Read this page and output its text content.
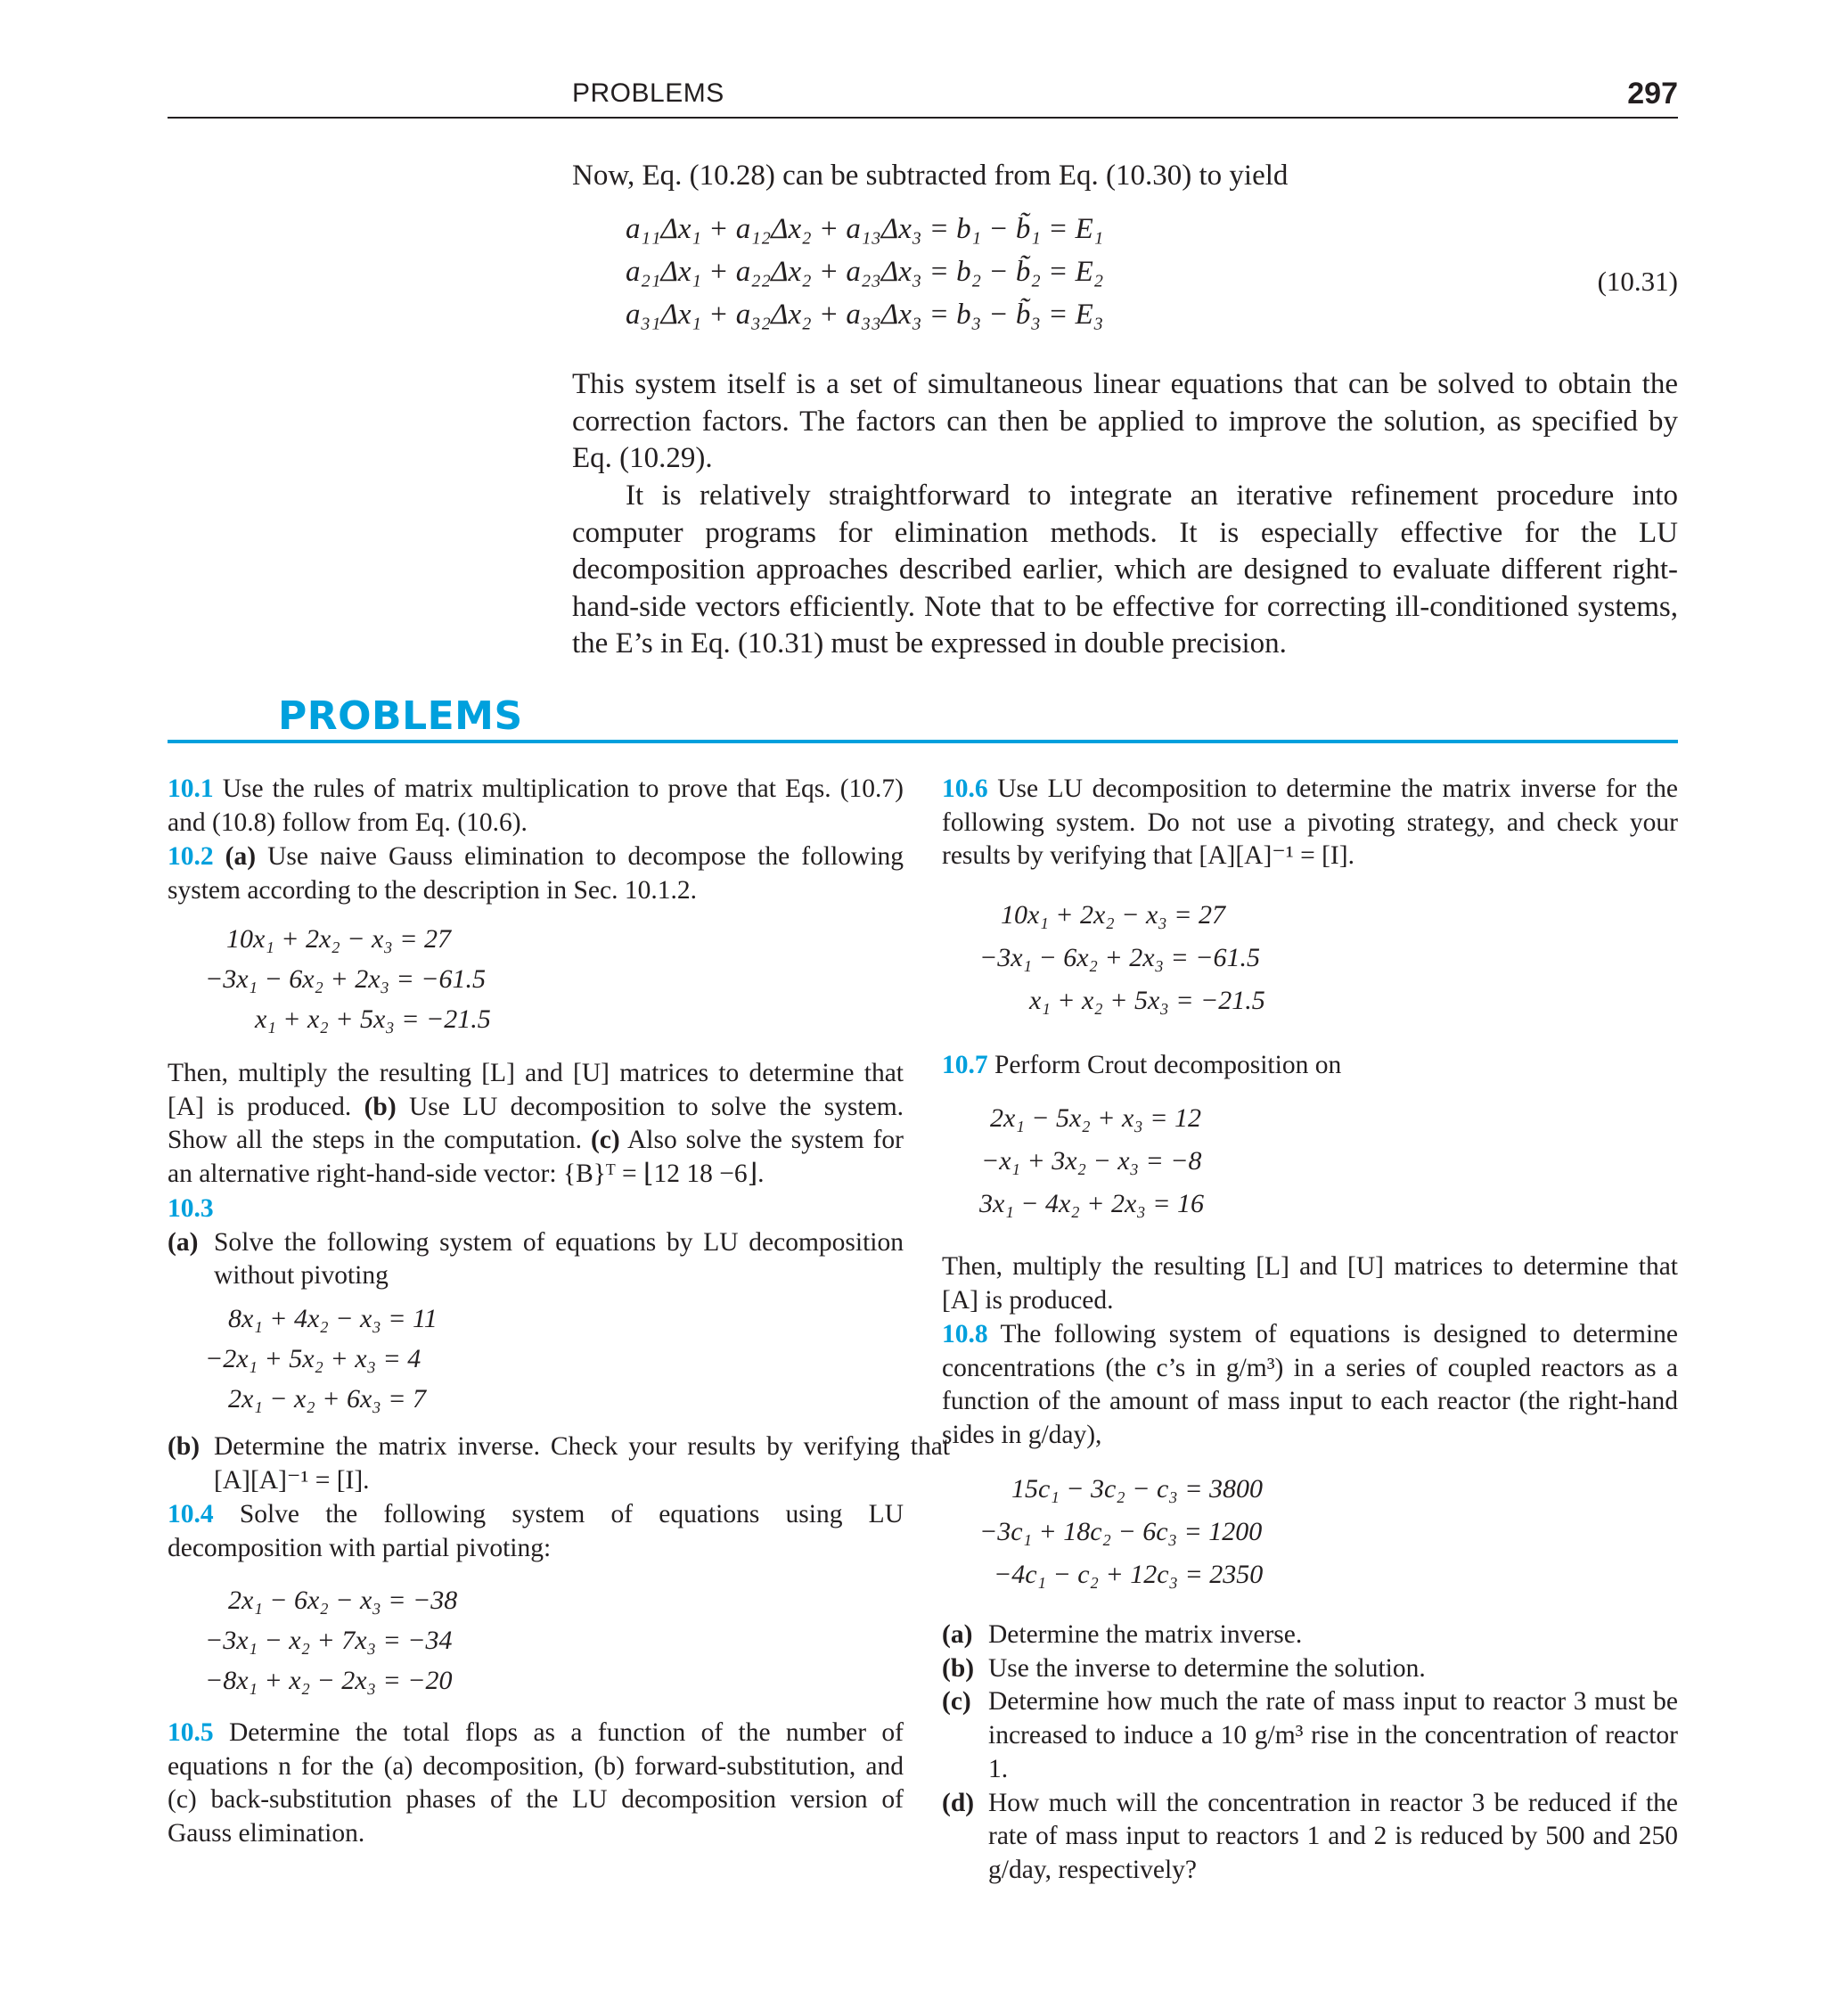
PROBLEMS	297
Now, Eq. (10.28) can be subtracted from Eq. (10.30) to yield
a₁₁Δx₁ + a₁₂Δx₂ + a₁₃Δx₃ = b₁ − b̃₁ = E₁
a₂₁Δx₁ + a₂₂Δx₂ + a₂₃Δx₃ = b₂ − b̃₂ = E₂
a₃₁Δx₁ + a₃₂Δx₂ + a₃₃Δx₃ = b₃ − b̃₃ = E₃
(10.31)
This system itself is a set of simultaneous linear equations that can be solved to obtain the correction factors. The factors can then be applied to improve the solution, as specified by Eq. (10.29).
It is relatively straightforward to integrate an iterative refinement procedure into computer programs for elimination methods. It is especially effective for the LU decomposition approaches described earlier, which are designed to evaluate different right-hand-side vectors efficiently. Note that to be effective for correcting ill-conditioned systems, the E’s in Eq. (10.31) must be expressed in double precision.
PROBLEMS
10.1 Use the rules of matrix multiplication to prove that Eqs. (10.7) and (10.8) follow from Eq. (10.6).
10.2 (a) Use naive Gauss elimination to decompose the following system according to the description in Sec. 10.1.2.
10x₁ + 2x₂ − x₃ = 27
−3x₁ − 6x₂ + 2x₃ = −61.5
x₁ + x₂ + 5x₃ = −21.5
Then, multiply the resulting [L] and [U] matrices to determine that [A] is produced. (b) Use LU decomposition to solve the system. Show all the steps in the computation. (c) Also solve the system for an alternative right-hand-side vector: {B}ᵀ = ⌊12 18 −6⌋.
10.3
(a) Solve the following system of equations by LU decomposition without pivoting
8x₁ + 4x₂ − x₃ = 11
−2x₁ + 5x₂ + x₃ = 4
2x₁ − x₂ + 6x₃ = 7
(b) Determine the matrix inverse. Check your results by verifying that [A][A]⁻¹ = [I].
10.4 Solve the following system of equations using LU decomposition with partial pivoting:
2x₁ − 6x₂ − x₃ = −38
−3x₁ − x₂ + 7x₃ = −34
−8x₁ + x₂ − 2x₃ = −20
10.5 Determine the total flops as a function of the number of equations n for the (a) decomposition, (b) forward-substitution, and (c) back-substitution phases of the LU decomposition version of Gauss elimination.
10.6 Use LU decomposition to determine the matrix inverse for the following system. Do not use a pivoting strategy, and check your results by verifying that [A][A]⁻¹ = [I].
10x₁ + 2x₂ − x₃ = 27
−3x₁ − 6x₂ + 2x₃ = −61.5
x₁ + x₂ + 5x₃ = −21.5
10.7 Perform Crout decomposition on
2x₁ − 5x₂ + x₃ = 12
−x₁ + 3x₂ − x₃ = −8
3x₁ − 4x₂ + 2x₃ = 16
Then, multiply the resulting [L] and [U] matrices to determine that [A] is produced.
10.8 The following system of equations is designed to determine concentrations (the c’s in g/m³) in a series of coupled reactors as a function of the amount of mass input to each reactor (the right-hand sides in g/day),
15c₁ − 3c₂ − c₃ = 3800
−3c₁ + 18c₂ − 6c₃ = 1200
−4c₁ − c₂ + 12c₃ = 2350
(a) Determine the matrix inverse.
(b) Use the inverse to determine the solution.
(c) Determine how much the rate of mass input to reactor 3 must be increased to induce a 10 g/m³ rise in the concentration of reactor 1.
(d) How much will the concentration in reactor 3 be reduced if the rate of mass input to reactors 1 and 2 is reduced by 500 and 250 g/day, respectively?
